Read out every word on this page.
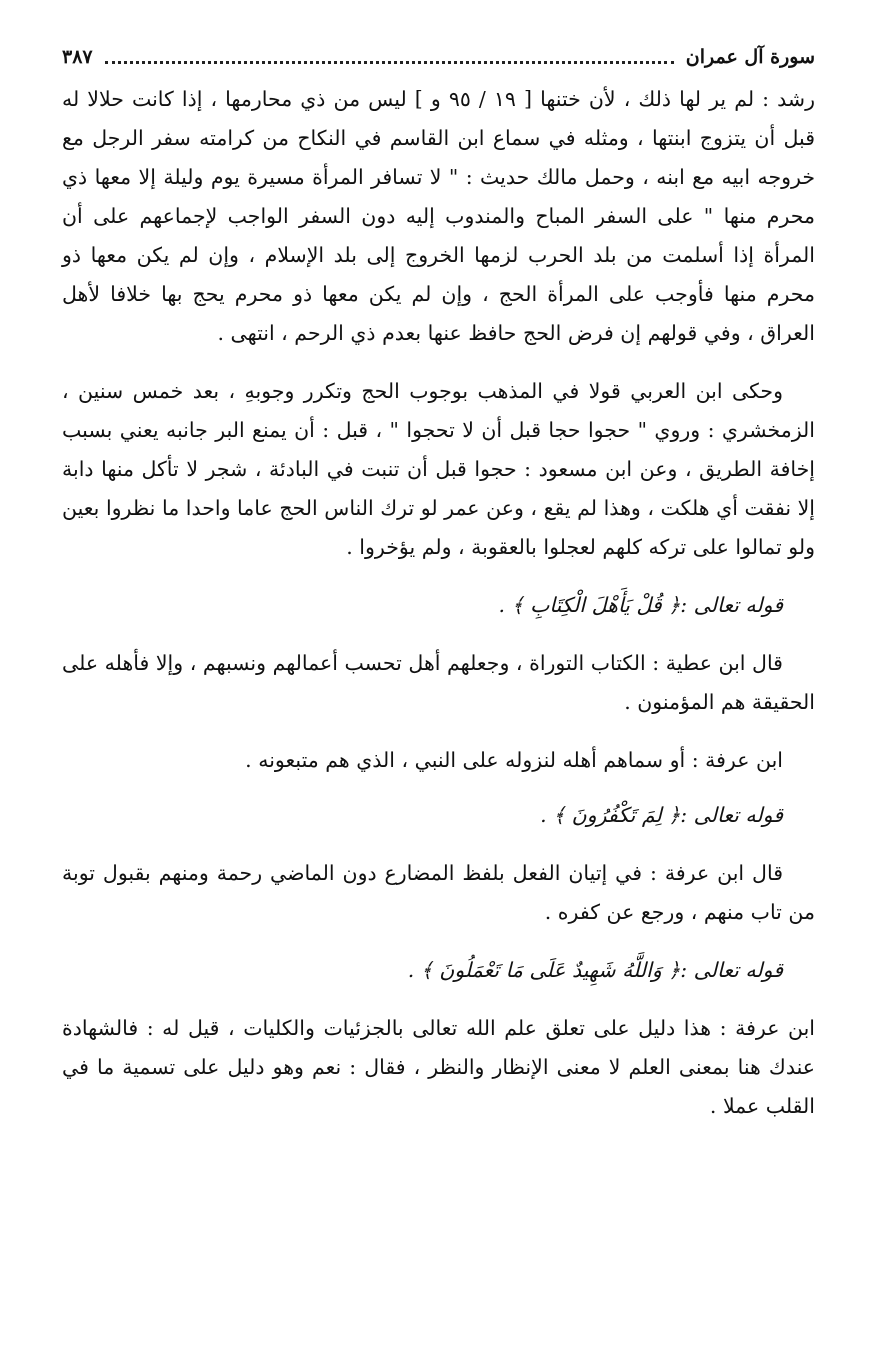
سورة آل عمران
٣٨٧

رشد : لم ير لها ذلك ، لأن ختنها [ ١٩ / ٩٥ و ] ليس من ذي محارمها ، إذا كانت حلالا له قبل أن يتزوج ابنتها ، ومثله في سماع ابن القاسم في النكاح من كرامته سفر الرجل مع خروجه ابيه مع ابنه ، وحمل مالك حديث : " لا تسافر المرأة مسيرة يوم وليلة إلا معها ذي محرم منها " على السفر المباح والمندوب إليه دون السفر الواجب لإجماعهم على أن المرأة إذا أسلمت من بلد الحرب لزمها الخروج إلى بلد الإسلام ، وإن لم يكن معها ذو محرم منها فأوجب على المرأة الحج ، وإن لم يكن معها ذو محرم يحج بها خلافا لأهل العراق ، وفي قولهم إن فرض الحج حافظ عنها بعدم ذي الرحم ، انتهى .

وحكى ابن العربي قولا في المذهب بوجوب الحج وتكرر وجوبهِ ، بعد خمس سنين ، الزمخشري : وروي " حجوا حجا قبل أن لا تحجوا " ، قبل : أن يمنع البر جانبه يعني بسبب إخافة الطريق ، وعن ابن مسعود : حجوا قبل أن تنبت في البادئة ، شجر لا تأكل منها دابة إلا نفقت أي هلكت ، وهذا لم يقع ، وعن عمر لو ترك الناس الحج عاما واحدا ما نظروا بعين ولو تمالوا على تركه كلهم لعجلوا بالعقوبة ، ولم يؤخروا .

قوله تعالى :﴿ قُلْ يَأَهْلَ الْكِتَابِ ﴾ .

قال ابن عطية : الكتاب التوراة ، وجعلهم أهل تحسب أعمالهم ونسبهم ، وإلا فأهله على الحقيقة هم المؤمنون .

ابن عرفة : أو سماهم أهله لنزوله على النبي ، الذي هم متبعونه .

قوله تعالى :﴿ لِمَ تَكْفُرُونَ ﴾ .

قال ابن عرفة : في إتيان الفعل بلفظ المضارع دون الماضي رحمة ومنهم بقبول توبة من تاب منهم ، ورجع عن كفره .

قوله تعالى :﴿ وَاللَّهُ شَهِيدٌ عَلَى مَا تَعْمَلُونَ ﴾ .

ابن عرفة : هذا دليل على تعلق علم الله تعالى بالجزئيات والكليات ، قيل له : فالشهادة عندك هنا بمعنى العلم لا معنى الإنظار والنظر ، فقال : نعم وهو دليل على تسمية ما في القلب عملا .
